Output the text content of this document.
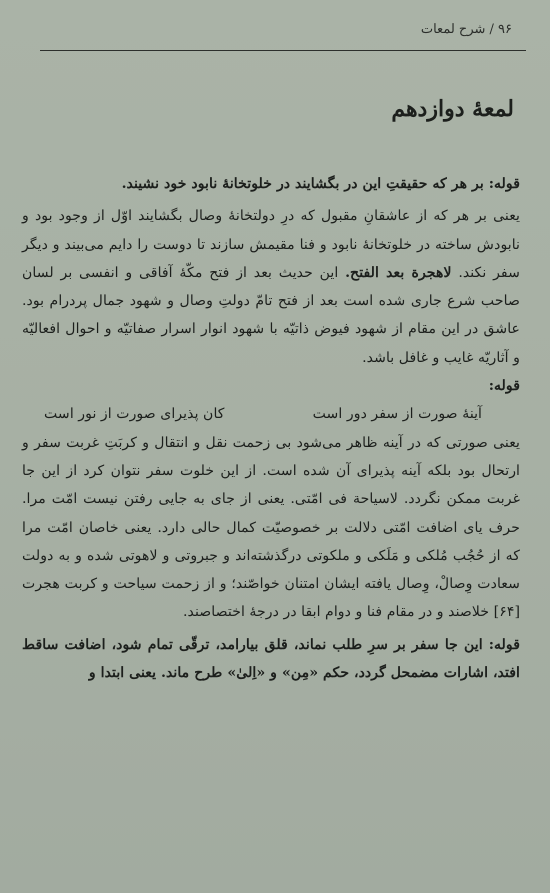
۹۶ / شرح لمعات
لمعهٔ دوازدهم

قوله: بر هر که حقیقتِ این در بگشایند در خلوتخانهٔ نابود خود نشیند.

یعنی بر هر که از عاشقانِ مقبول که درِ دولتخانهٔ وصال بگشایند اوّل از وجود بود و نابودش ساخته در خلوتخانهٔ نابود و فنا مقیمش سازند تا دوست را دایم می‌بیند و دیگر سفر نکند. لاهجرة بعد الفتح. این حدیث بعد از فتح مکّهٔ آفاقی و انفسی بر لسان صاحب شرع جاری شده است بعد از فتح تامّ دولتِ وصال و شهود جمال پردرام بود. عاشق در این مقام از شهود فیوض ذاتیّه با شهود انوار اسرار صفاتیّه و احوال افعالیّه و آثاریّه غایب و غافل باشد.

قوله:

آینهٔ صورت از سفر دور است
کان پذیرای صورت از نور است

یعنی صورتی که در آینه ظاهر می‌شود بی زحمت نقل و انتقال و کربَتِ غربت سفر و ارتحال بود بلکه آینه پذیرای آن شده است. از این خلوت سفر نتوان کرد از این جا غربت ممکن نگردد. لاسیاحة فی امّتی. یعنی از جای به جایی رفتن نیست امّت مرا. حرف یای اضافت امّتی دلالت بر خصوصیّت کمال حالی دارد. یعنی خاصان امّت مرا که از حُجُب مُلکی و مَلَکی و ملکوتی درگذشته‌اند و جبروتی و لاهوتی شده و به دولت سعادت وِصالْ، وِصال یافته ایشان امتنان خواصّند؛ و از زحمت سیاحت و کربت هجرت [۶۴] خلاصند و در مقام فنا و دوام ابقا در درجهٔ اختصاصند.

قوله: این جا سفر بر سرِ طلب نماند، قلق بیارامد، ترقّی تمام شود، اضافت ساقط افتد، اشارات مضمحل گردد، حکم «مِن» و «اِلیٰ» طرح ماند. یعنی ابتدا و
